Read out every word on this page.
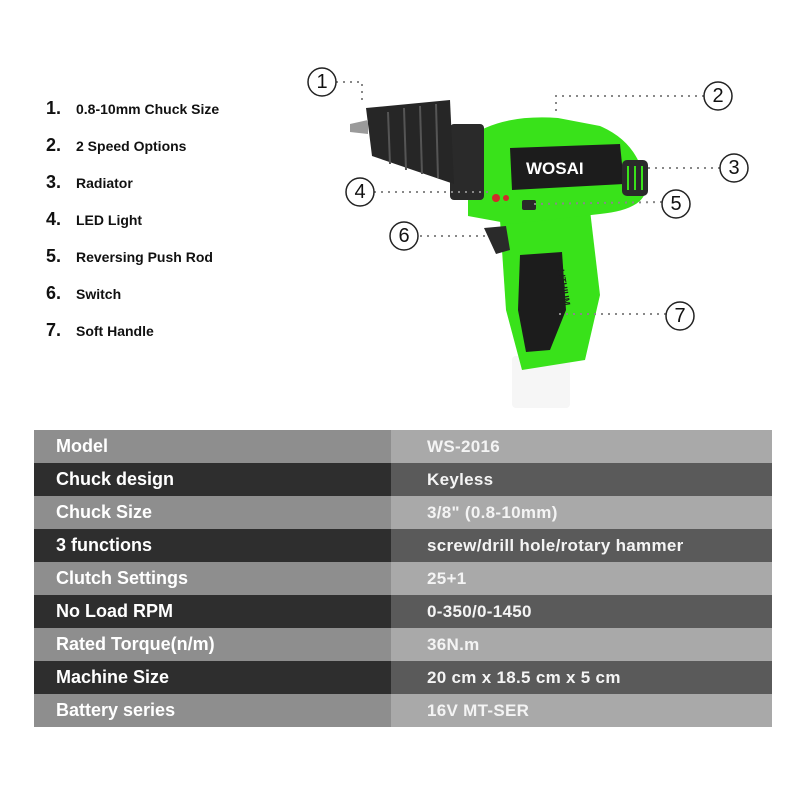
1.	0.8-10mm Chuck Size
2.	2 Speed Options
3.	Radiator
4.	LED Light
5.	Reversing Push Rod
6.	Switch
7.	Soft Handle
LITHIUM
WOSAI
1
2
3
4
5
6
7
Model	WS-2016
Chuck design	Keyless
Chuck Size	3/8" (0.8-10mm)
3 functions	screw/drill hole/rotary hammer
Clutch Settings	25+1
No Load RPM	0-350/0-1450
Rated Torque(n/m)	36N.m
Machine Size	20 cm x 18.5 cm x 5 cm
Battery series	16V MT-SER
